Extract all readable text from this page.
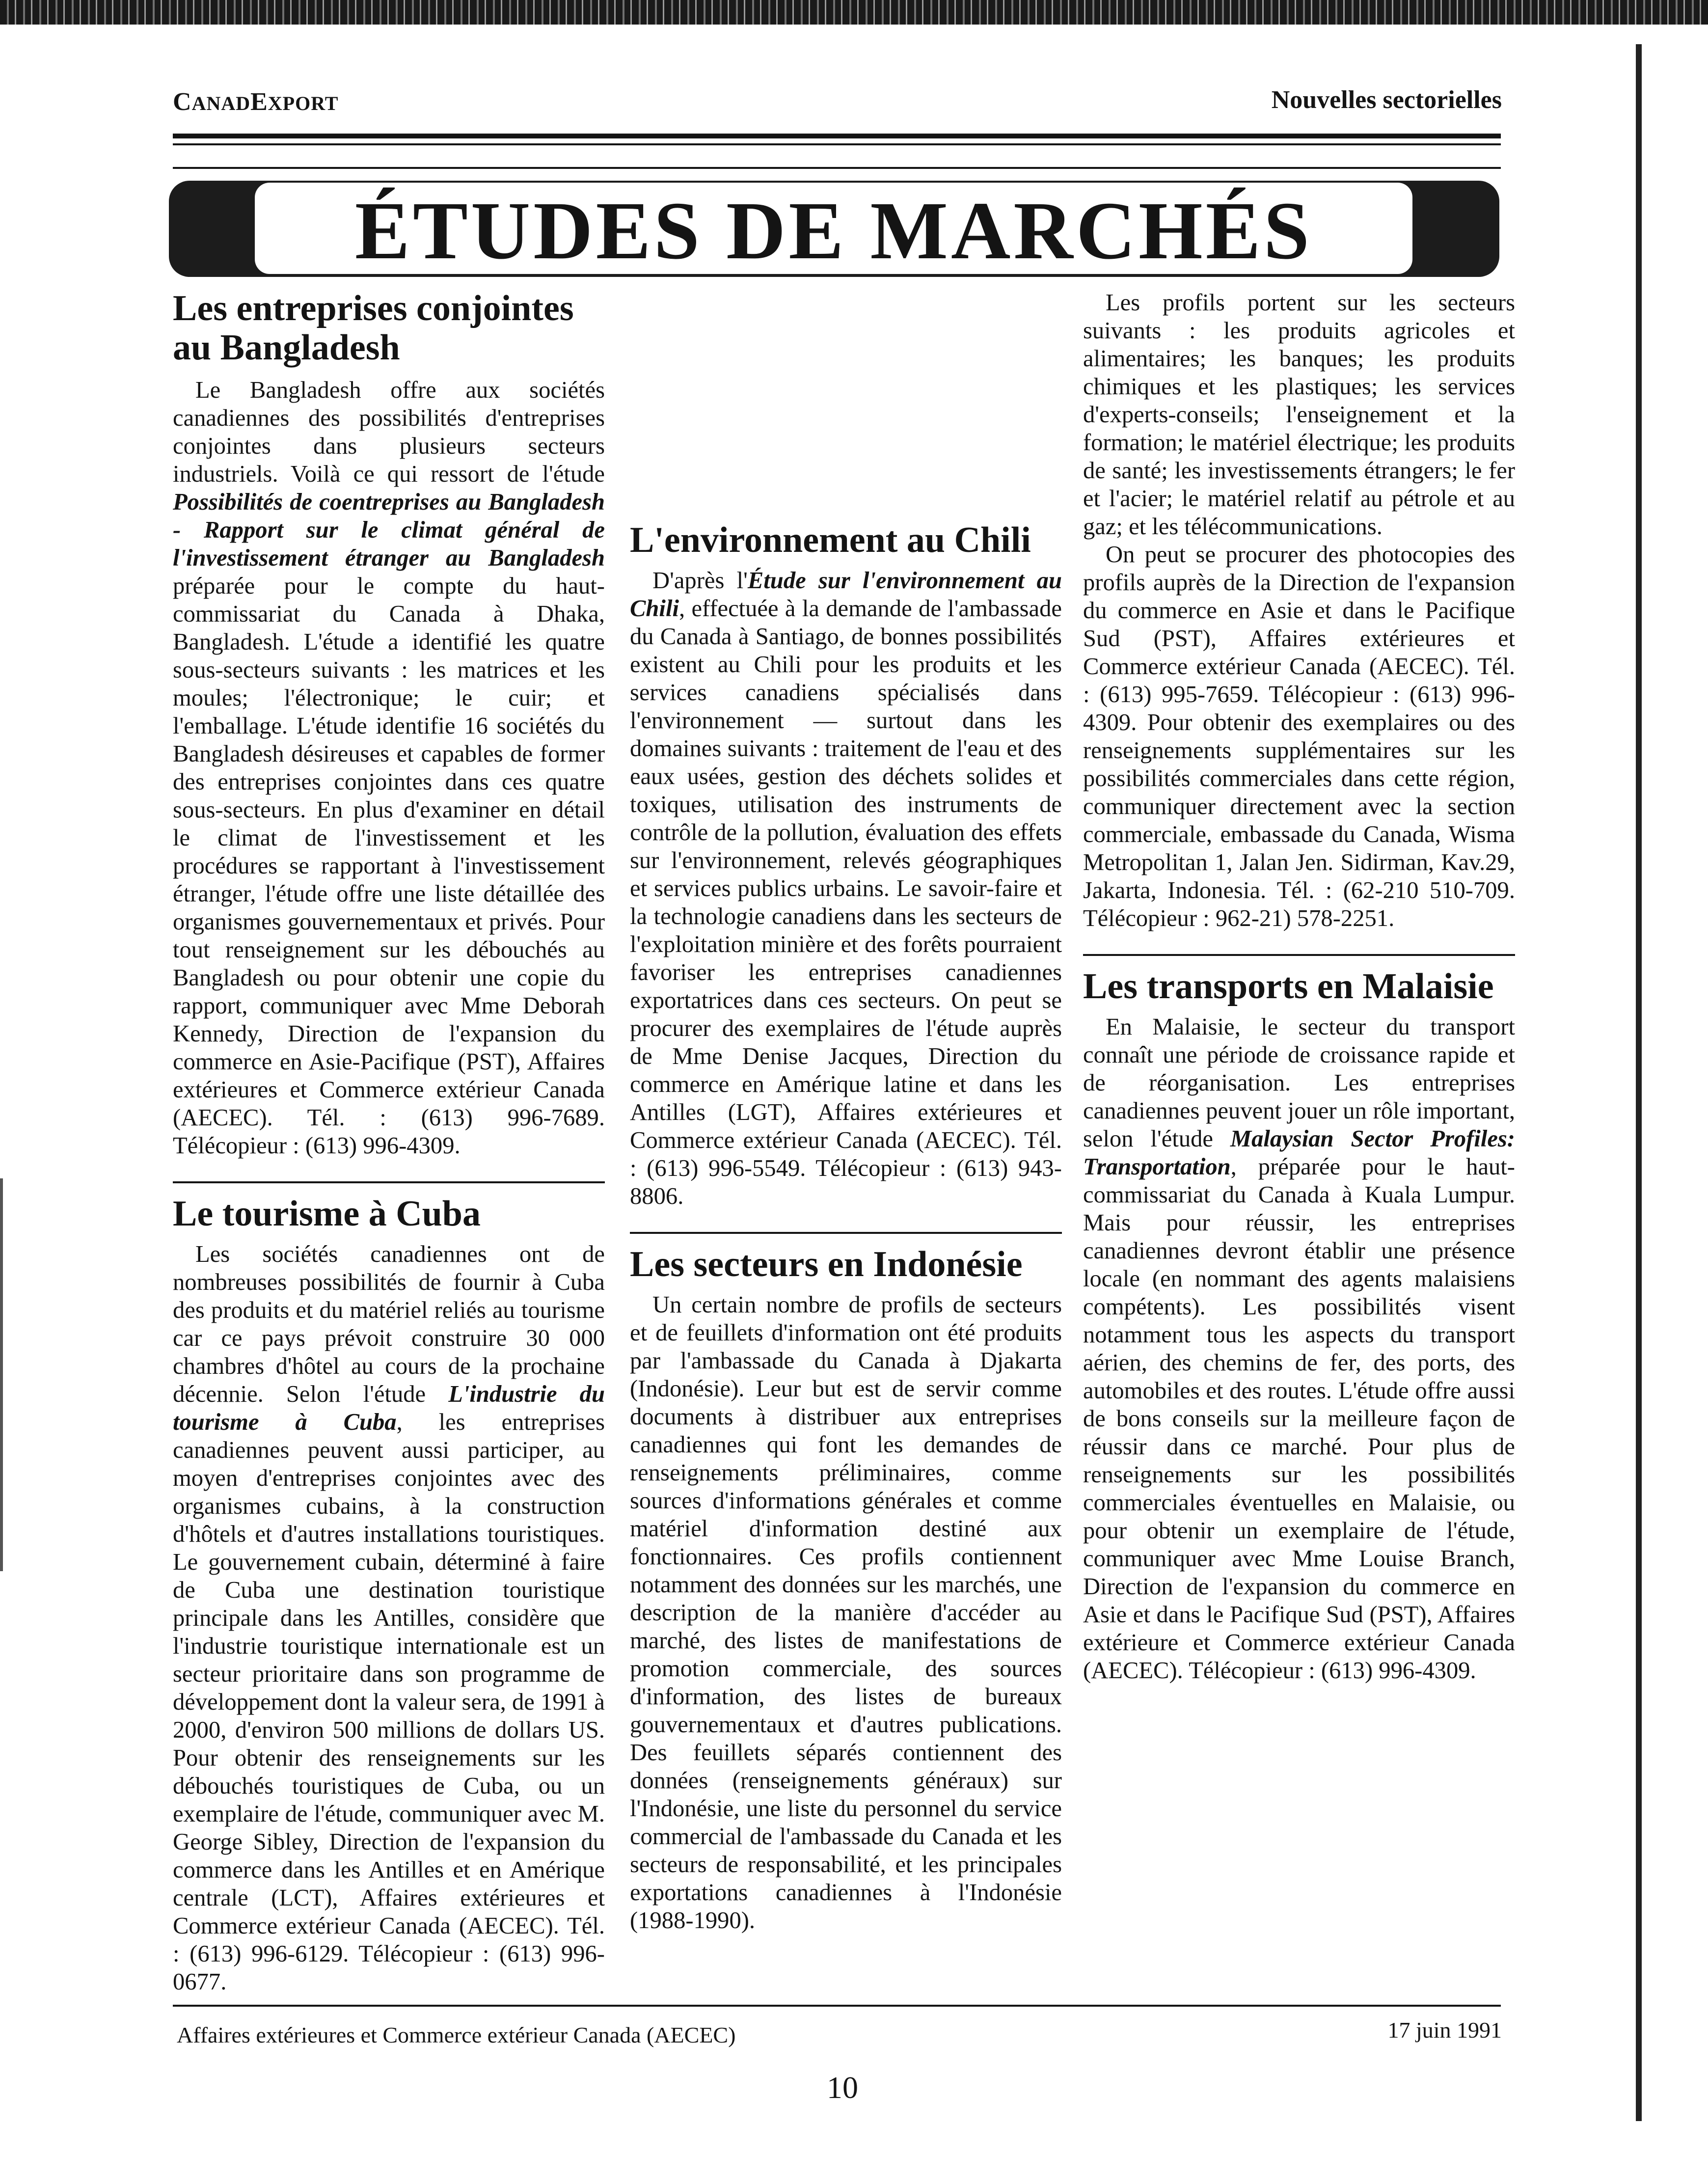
CANADEXPORT	Nouvelles sectorielles
ÉTUDES DE MARCHÉS
Les entreprises conjointes au Bangladesh

Le Bangladesh offre aux sociétés canadiennes des possibilités d'entreprises conjointes dans plusieurs secteurs industriels. Voilà ce qui ressort de l'étude Possibilités de coentreprises au Bangladesh - Rapport sur le climat général de l'investissement étranger au Bangladesh préparée pour le compte du haut-commissariat du Canada à Dhaka, Bangladesh. L'étude a identifié les quatre sous-secteurs suivants : les matrices et les moules; l'électronique; le cuir; et l'emballage. L'étude identifie 16 sociétés du Bangladesh désireuses et capables de former des entreprises conjointes dans ces quatre sous-secteurs. En plus d'examiner en détail le climat de l'investissement et les procédures se rapportant à l'investissement étranger, l'étude offre une liste détaillée des organismes gouvernementaux et privés. Pour tout renseignement sur les débouchés au Bangladesh ou pour obtenir une copie du rapport, communiquer avec Mme Deborah Kennedy, Direction de l'expansion du commerce en Asie-Pacifique (PST), Affaires extérieures et Commerce extérieur Canada (AECEC). Tél. : (613) 996-7689. Télécopieur : (613) 996-4309.

Le tourisme à Cuba

Les sociétés canadiennes ont de nombreuses possibilités de fournir à Cuba des produits et du matériel reliés au tourisme car ce pays prévoit construire 30 000 chambres d'hôtel au cours de la prochaine décennie. Selon l'étude L'industrie du tourisme à Cuba, les entreprises canadiennes peuvent aussi participer, au moyen d'entreprises conjointes avec des organismes cubains, à la construction d'hôtels et d'autres installations touristiques. Le gouvernement cubain, déterminé à faire de Cuba une destination touristique principale dans les Antilles, considère que l'industrie touristique internationale est un secteur prioritaire dans son programme de développement dont la valeur sera, de 1991 à 2000, d'environ 500 millions de dollars US. Pour obtenir des renseignements sur les débouchés touristiques de Cuba, ou un exemplaire de l'étude, communiquer avec M. George Sibley, Direction de l'expansion du commerce dans les Antilles et en Amérique centrale (LCT), Affaires extérieures et Commerce extérieur Canada (AECEC). Tél. : (613) 996-6129. Télécopieur : (613) 996-0677.

L'environnement au Chili

D'après l'Étude sur l'environnement au Chili, effectuée à la demande de l'ambassade du Canada à Santiago, de bonnes possibilités existent au Chili pour les produits et les services canadiens spécialisés dans l'environnement — surtout dans les domaines suivants : traitement de l'eau et des eaux usées, gestion des déchets solides et toxiques, utilisation des instruments de contrôle de la pollution, évaluation des effets sur l'environnement, relevés géographiques et services publics urbains. Le savoir-faire et la technologie canadiens dans les secteurs de l'exploitation minière et des forêts pourraient favoriser les entreprises canadiennes exportatrices dans ces secteurs. On peut se procurer des exemplaires de l'étude auprès de Mme Denise Jacques, Direction du commerce en Amérique latine et dans les Antilles (LGT), Affaires extérieures et Commerce extérieur Canada (AECEC). Tél. : (613) 996-5549. Télécopieur : (613) 943-8806.

Les secteurs en Indonésie

Un certain nombre de profils de secteurs et de feuillets d'information ont été produits par l'ambassade du Canada à Djakarta (Indonésie). Leur but est de servir comme documents à distribuer aux entreprises canadiennes qui font les demandes de renseignements préliminaires, comme sources d'informations générales et comme matériel d'information destiné aux fonctionnaires. Ces profils contiennent notamment des données sur les marchés, une description de la manière d'accéder au marché, des listes de manifestations de promotion commerciale, des sources d'information, des listes de bureaux gouvernementaux et d'autres publications. Des feuillets séparés contiennent des données (renseignements généraux) sur l'Indonésie, une liste du personnel du service commercial de l'ambassade du Canada et les secteurs de responsabilité, et les principales exportations canadiennes à l'Indonésie (1988-1990).

Les profils portent sur les secteurs suivants : les produits agricoles et alimentaires; les banques; les produits chimiques et les plastiques; les services d'experts-conseils; l'enseignement et la formation; le matériel électrique; les produits de santé; les investissements étrangers; le fer et l'acier; le matériel relatif au pétrole et au gaz; et les télécommunications.

On peut se procurer des photocopies des profils auprès de la Direction de l'expansion du commerce en Asie et dans le Pacifique Sud (PST), Affaires extérieures et Commerce extérieur Canada (AECEC). Tél. : (613) 995-7659. Télécopieur : (613) 996-4309. Pour obtenir des exemplaires ou des renseignements supplémentaires sur les possibilités commerciales dans cette région, communiquer directement avec la section commerciale, embassade du Canada, Wisma Metropolitan 1, Jalan Jen. Sidirman, Kav.29, Jakarta, Indonesia. Tél. : (62-210 510-709. Télécopieur : 962-21) 578-2251.

Les transports en Malaisie

En Malaisie, le secteur du transport connaît une période de croissance rapide et de réorganisation. Les entreprises canadiennes peuvent jouer un rôle important, selon l'étude Malaysian Sector Profiles: Transportation, préparée pour le haut-commissariat du Canada à Kuala Lumpur. Mais pour réussir, les entreprises canadiennes devront établir une présence locale (en nommant des agents malaisiens compétents). Les possibilités visent notamment tous les aspects du transport aérien, des chemins de fer, des ports, des automobiles et des routes. L'étude offre aussi de bons conseils sur la meilleure façon de réussir dans ce marché. Pour plus de renseignements sur les possibilités commerciales éventuelles en Malaisie, ou pour obtenir un exemplaire de l'étude, communiquer avec Mme Louise Branch, Direction de l'expansion du commerce en Asie et dans le Pacifique Sud (PST), Affaires extérieure et Commerce extérieur Canada (AECEC). Télécopieur : (613) 996-4309.

Affaires extérieures et Commerce extérieur Canada (AECEC)	17 juin 1991
10
